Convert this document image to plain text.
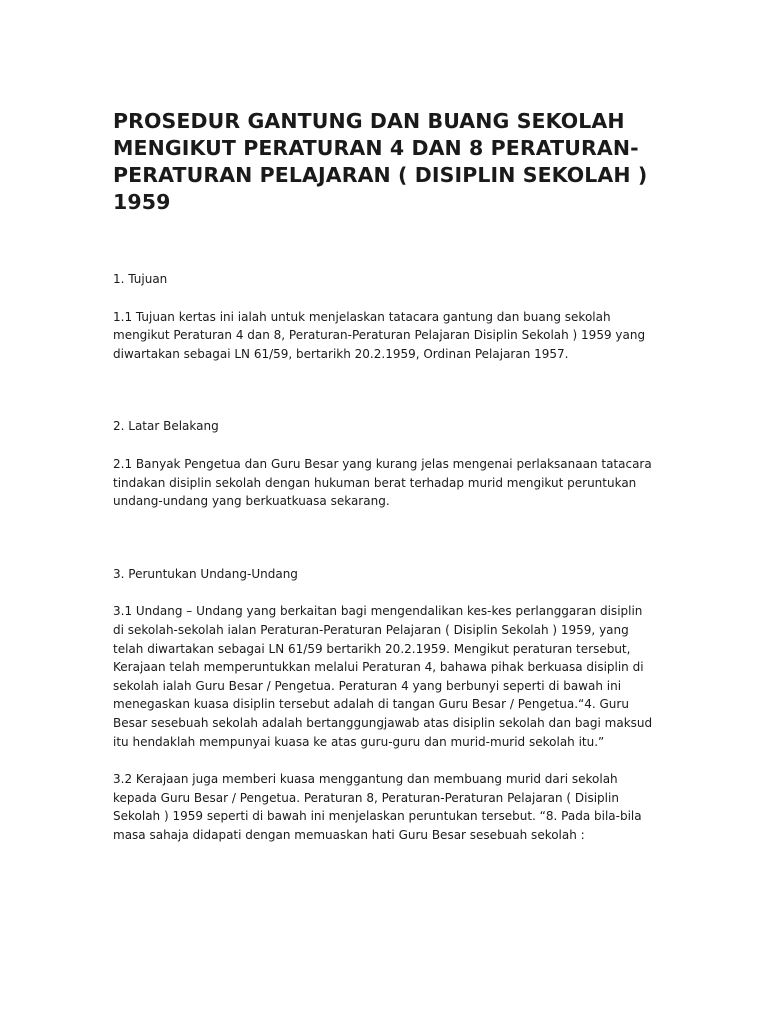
PROSEDUR GANTUNG DAN BUANG SEKOLAH MENGIKUT PERATURAN 4 DAN 8 PERATURAN-PERATURAN PELAJARAN ( DISIPLIN SEKOLAH ) 1959

1. Tujuan

1.1 Tujuan kertas ini ialah untuk menjelaskan tatacara gantung dan buang sekolah mengikut Peraturan 4 dan 8, Peraturan-Peraturan Pelajaran Disiplin Sekolah ) 1959 yang diwartakan sebagai LN 61/59, bertarikh 20.2.1959, Ordinan Pelajaran 1957.

2. Latar Belakang

2.1 Banyak Pengetua dan Guru Besar yang kurang jelas mengenai perlaksanaan tatacara tindakan disiplin sekolah dengan hukuman berat terhadap murid mengikut peruntukan undang-undang yang berkuatkuasa sekarang.

3. Peruntukan Undang-Undang

3.1 Undang – Undang yang berkaitan bagi mengendalikan kes-kes perlanggaran disiplin di sekolah-sekolah ialan Peraturan-Peraturan Pelajaran ( Disiplin Sekolah ) 1959, yang telah diwartakan sebagai LN 61/59 bertarikh 20.2.1959. Mengikut peraturan tersebut, Kerajaan telah memperuntukkan melalui Peraturan 4, bahawa pihak berkuasa disiplin di sekolah ialah Guru Besar / Pengetua. Peraturan 4 yang berbunyi seperti di bawah ini menegaskan kuasa disiplin tersebut adalah di tangan Guru Besar / Pengetua.“4. Guru Besar sesebuah sekolah adalah bertanggungjawab atas disiplin sekolah dan bagi maksud itu hendaklah mempunyai kuasa ke atas guru-guru dan murid-murid sekolah itu.”

3.2 Kerajaan juga memberi kuasa menggantung dan membuang murid dari sekolah kepada Guru Besar / Pengetua. Peraturan 8, Peraturan-Peraturan Pelajaran ( Disiplin Sekolah ) 1959 seperti di bawah ini menjelaskan peruntukan tersebut. “8. Pada bila-bila masa sahaja didapati dengan memuaskan hati Guru Besar sesebuah sekolah :
